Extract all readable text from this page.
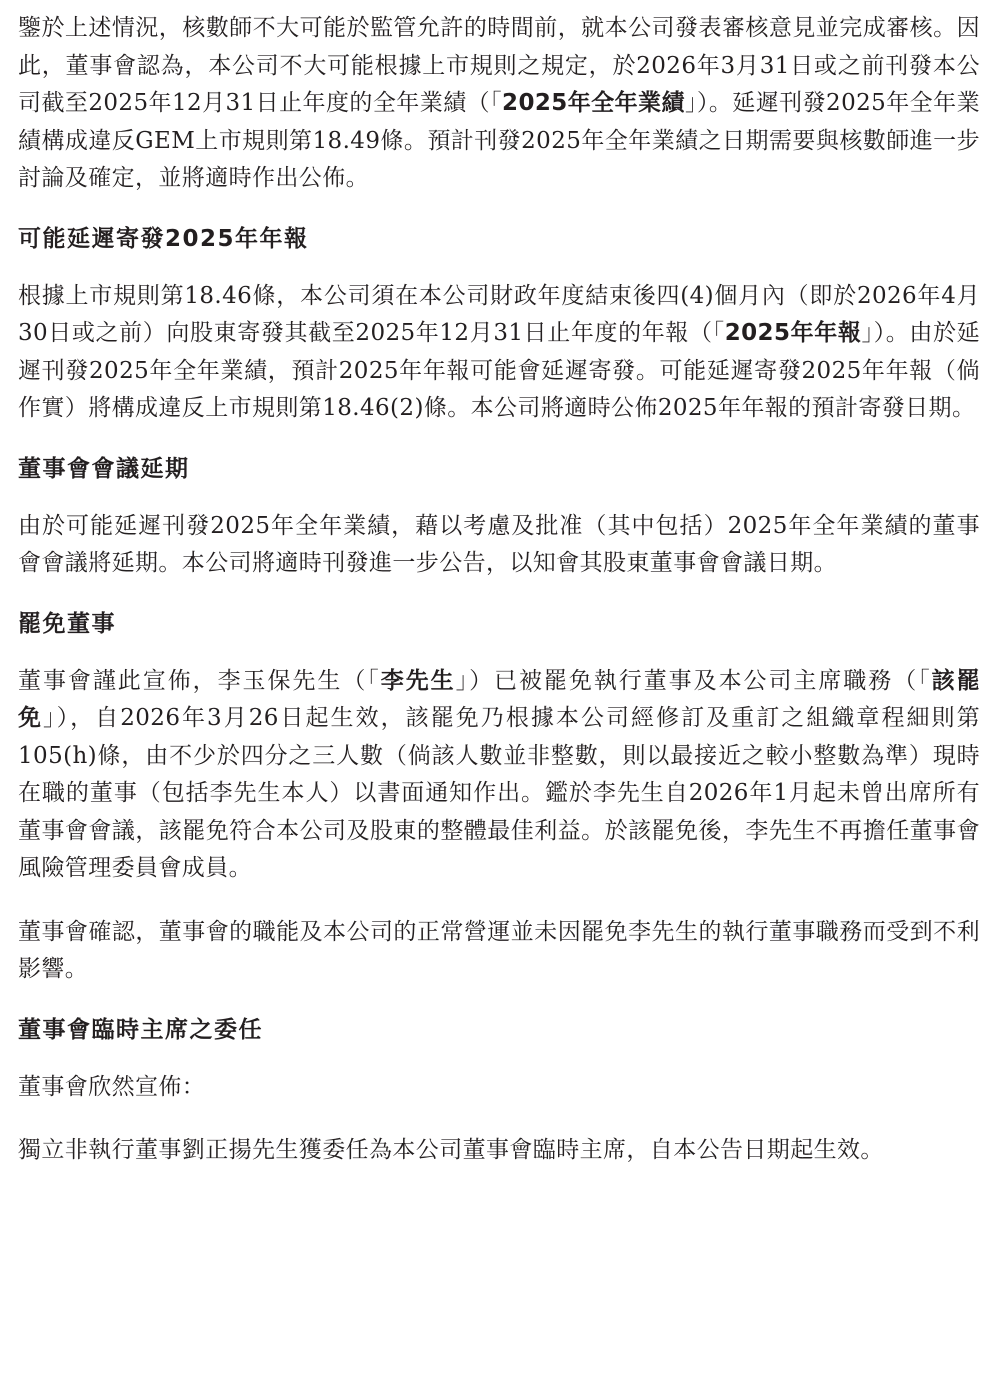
鑒於上述情況，核數師不大可能於監管允許的時間前，就本公司發表審核意見並完成審核。因此，董事會認為，本公司不大可能根據上市規則之規定，於2026年3月31日或之前刊發本公司截至2025年12月31日止年度的全年業績（「2025年全年業績」）。延遲刊發2025年全年業績構成違反GEM上市規則第18.49條。預計刊發2025年全年業績之日期需要與核數師進一步討論及確定，並將適時作出公佈。

可能延遲寄發2025年年報

根據上市規則第18.46條，本公司須在本公司財政年度結束後四(4)個月內（即於2026年4月30日或之前）向股東寄發其截至2025年12月31日止年度的年報（「2025年年報」）。由於延遲刊發2025年全年業績，預計2025年年報可能會延遲寄發。可能延遲寄發2025年年報（倘作實）將構成違反上市規則第18.46(2)條。本公司將適時公佈2025年年報的預計寄發日期。

董事會會議延期

由於可能延遲刊發2025年全年業績，藉以考慮及批准（其中包括）2025年全年業績的董事會會議將延期。本公司將適時刊發進一步公告，以知會其股東董事會會議日期。

罷免董事

董事會謹此宣佈，李玉保先生（「李先生」）已被罷免執行董事及本公司主席職務（「該罷免」），自2026年3月26日起生效，該罷免乃根據本公司經修訂及重訂之組織章程細則第105(h)條，由不少於四分之三人數（倘該人數並非整數，則以最接近之較小整數為準）現時在職的董事（包括李先生本人）以書面通知作出。鑑於李先生自2026年1月起未曾出席所有董事會會議，該罷免符合本公司及股東的整體最佳利益。於該罷免後，李先生不再擔任董事會風險管理委員會成員。

董事會確認，董事會的職能及本公司的正常營運並未因罷免李先生的執行董事職務而受到不利影響。

董事會臨時主席之委任

董事會欣然宣佈：

獨立非執行董事劉正揚先生獲委任為本公司董事會臨時主席，自本公告日期起生效。
